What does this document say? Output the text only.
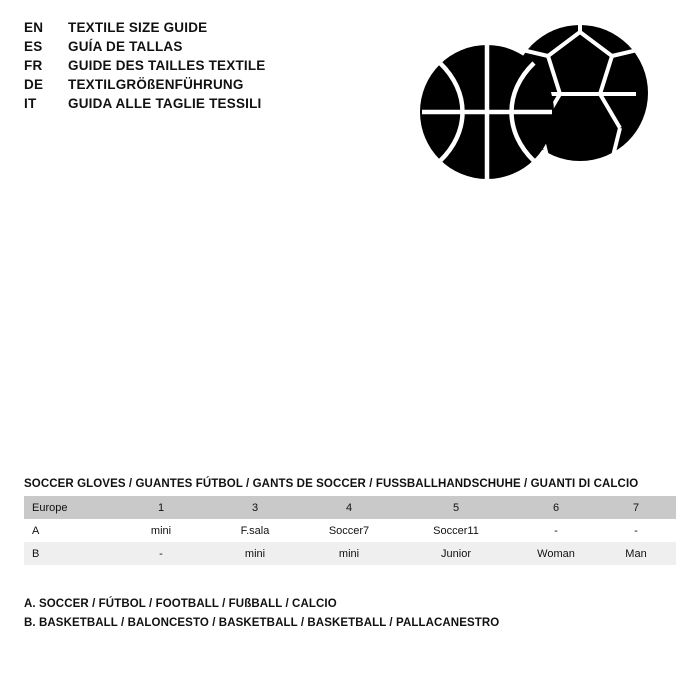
EN	TEXTILE SIZE GUIDE
ES	GUÍA DE TALLAS
FR	GUIDE DES TAILLES TEXTILE
DE	TEXTILGRÖßENFÜHRUNG
IT	GUIDA ALLE TAGLIE TESSILI
SOCCER GLOVES / GUANTES FÚTBOL / GANTS DE SOCCER / FUSSBALLHANDSCHUHE / GUANTI DI CALCIO
Europe	1	3	4	5	6	7
A	mini	F.sala	Soccer7	Soccer11	-	-
B	-	mini	mini	Junior	Woman	Man
A. SOCCER / FÚTBOL / FOOTBALL / FUßBALL / CALCIO
B. BASKETBALL / BALONCESTO / BASKETBALL / BASKETBALL / PALLACANESTRO
